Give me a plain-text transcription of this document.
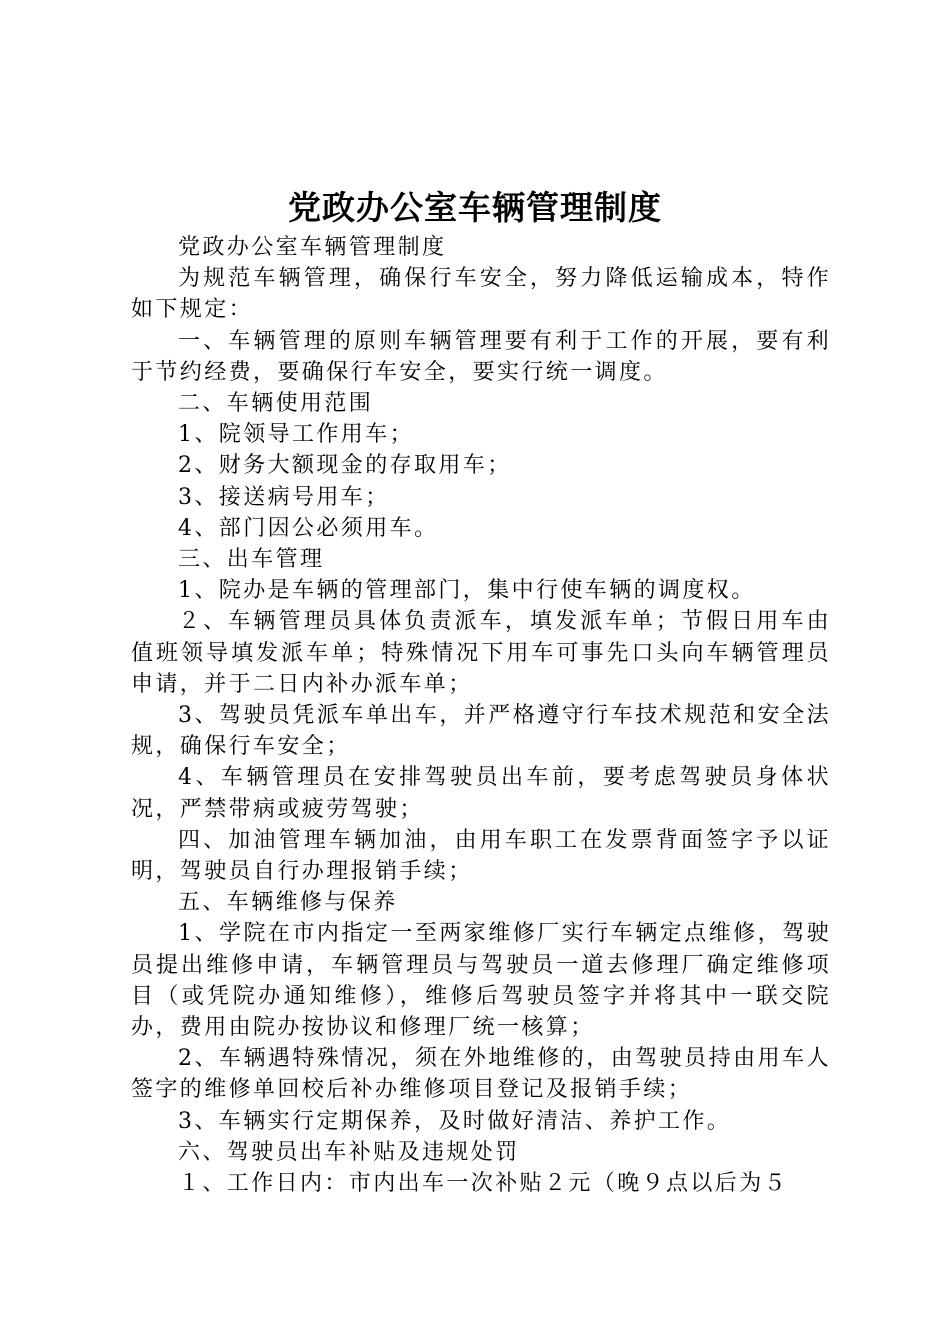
党政办公室车辆管理制度

党政办公室车辆管理制度

为规范车辆管理，确保行车安全，努力降低运输成本，特作如下规定：

一、车辆管理的原则车辆管理要有利于工作的开展，要有利于节约经费，要确保行车安全，要实行统一调度。

二、车辆使用范围

1、院领导工作用车；

2、财务大额现金的存取用车；

3、接送病号用车；

4、部门因公必须用车。

三、出车管理

1、院办是车辆的管理部门，集中行使车辆的调度权。

２、车辆管理员具体负责派车，填发派车单；节假日用车由值班领导填发派车单；特殊情况下用车可事先口头向车辆管理员申请，并于二日内补办派车单；

3、驾驶员凭派车单出车，并严格遵守行车技术规范和安全法规，确保行车安全；

4、车辆管理员在安排驾驶员出车前，要考虑驾驶员身体状况，严禁带病或疲劳驾驶；

四、加油管理车辆加油，由用车职工在发票背面签字予以证明，驾驶员自行办理报销手续；

五、车辆维修与保养

1、学院在市内指定一至两家维修厂实行车辆定点维修，驾驶员提出维修申请，车辆管理员与驾驶员一道去修理厂确定维修项目（或凭院办通知维修），维修后驾驶员签字并将其中一联交院办，费用由院办按协议和修理厂统一核算；

2、车辆遇特殊情况，须在外地维修的，由驾驶员持由用车人签字的维修单回校后补办维修项目登记及报销手续；

3、车辆实行定期保养，及时做好清洁、养护工作。

六、驾驶员出车补贴及违规处罚

１、工作日内：市内出车一次补贴２元（晚９点以后为５
